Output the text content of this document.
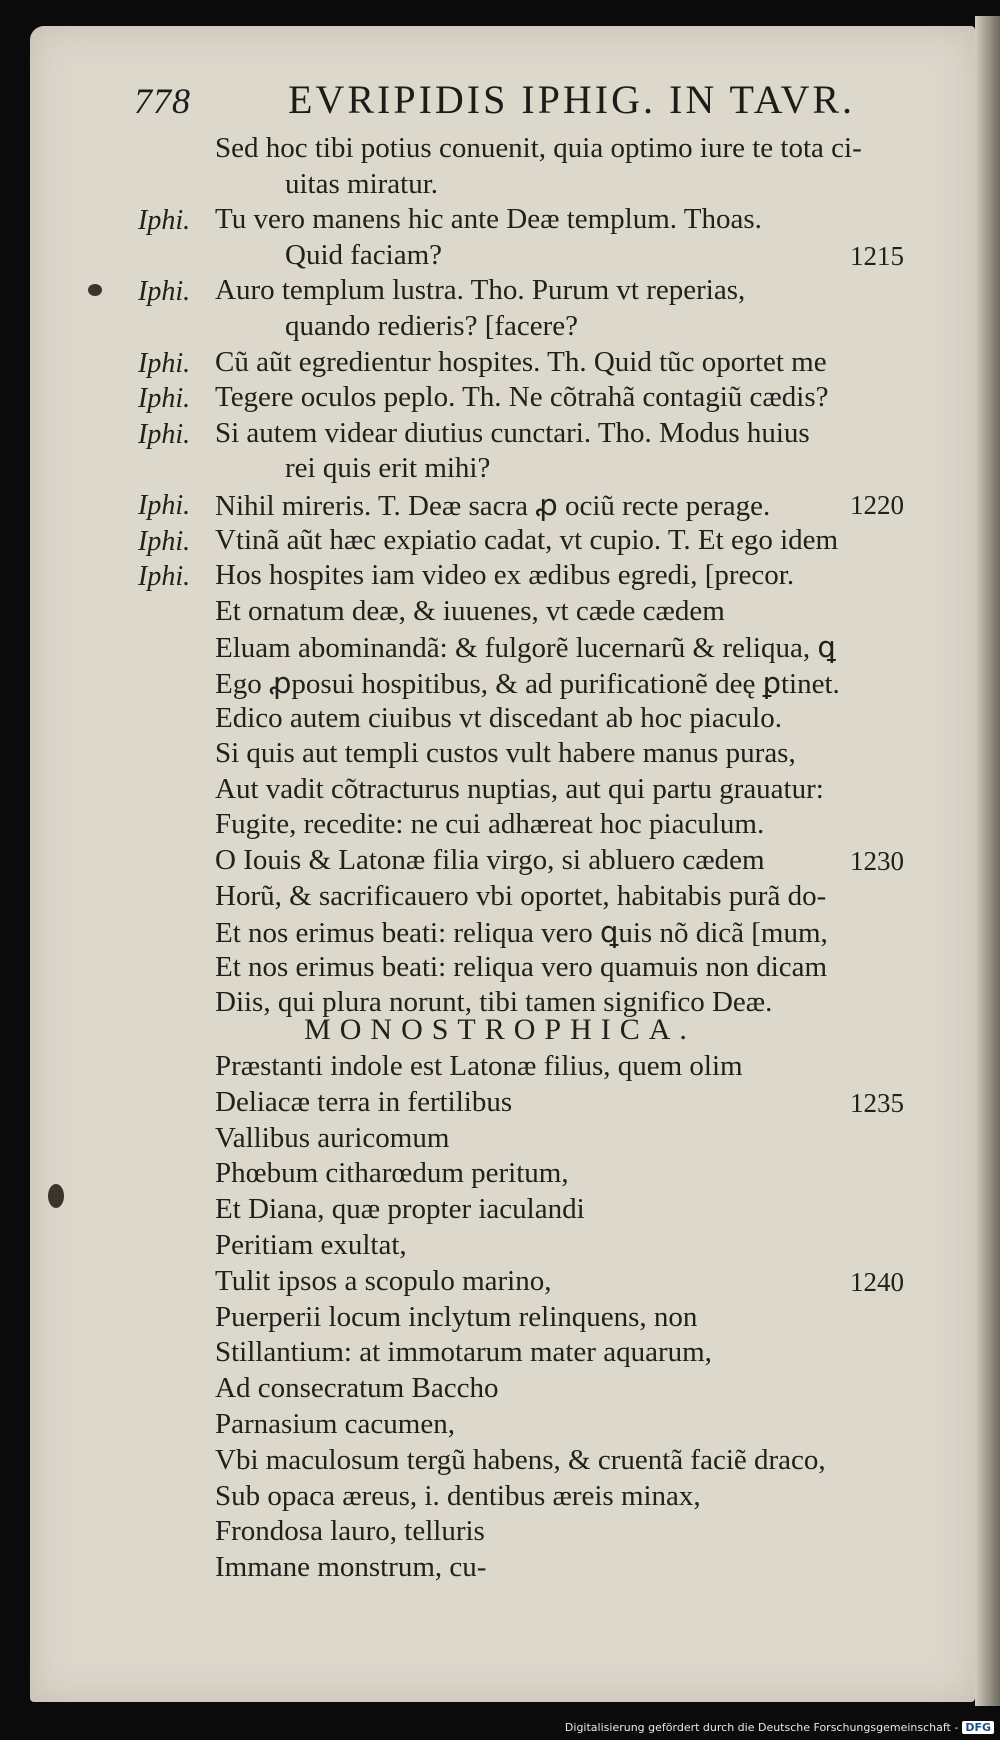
778 EVRIPIDIS IPHIG. IN TAVR.
Sed hoc tibi potius conuenit, quia optimo iure te tota ci-
uitas miratur.
Iphi. Tu vero manens hic ante Deæ templum. Thoas.
Quid faciam?	1215
Iphi. Auro templum lustra. Tho. Purum vt reperias,
quando redieris? [facere?
Iphi. Cũ aũt egredientur hospites. Th. Quid tũc oportet me
Iphi. Tegere oculos peplo. Th. Ne cõtrahã contagiũ cædis?
Iphi. Si autem videar diutius cunctari. Tho. Modus huius
rei quis erit mihi?
Iphi. Nihil mireris. T. Deæ sacra ꝓ ociũ recte perage.	1220
Iphi. Vtinã aũt hæc expiatio cadat, vt cupio. T. Et ego idem
Iphi. Hos hospites iam video ex ædibus egredi, [precor.
Et ornatum deæ, & iuuenes, vt cæde cædem
Eluam abominandã: & fulgorẽ lucernarũ & reliqua, ꝗ
Ego ꝓposui hospitibus, & ad purificationẽ deę ꝑtinet.
Edico autem ciuibus vt discedant ab hoc piaculo.
Si quis aut templi custos vult habere manus puras,
Aut vadit cõtracturus nuptias, aut qui partu grauatur:
Fugite, recedite: ne cui adhæreat hoc piaculum.
O Iouis & Latonæ filia virgo, si abluero cædem	1230
Horũ, & sacrificauero vbi oportet, habitabis purã do-
Et nos erimus beati: reliqua vero ꝗuis nõ dicã [mum,
Et nos erimus beati: reliqua vero quamuis non dicam
Diis, qui plura norunt, tibi tamen significo Deæ.
MONOSTROPHICA.
Præstanti indole est Latonæ filius, quem olim
Deliacæ terra in fertilibus	1235
Vallibus auricomum
Phœbum citharœdum peritum,
Et Diana, quæ propter iaculandi
Peritiam exultat,
Tulit ipsos a scopulo marino,	1240
Puerperii locum inclytum relinquens, non
Stillantium: at immotarum mater aquarum,
Ad consecratum Baccho
Parnasium cacumen,
Vbi maculosum tergũ habens, & cruentã faciẽ draco,
Sub opaca æreus, i. dentibus æreis minax,
Frondosa lauro, telluris
Immane monstrum, cu-
Digitalisierung gefördert durch die Deutsche Forschungsgemeinschaft - DFG
